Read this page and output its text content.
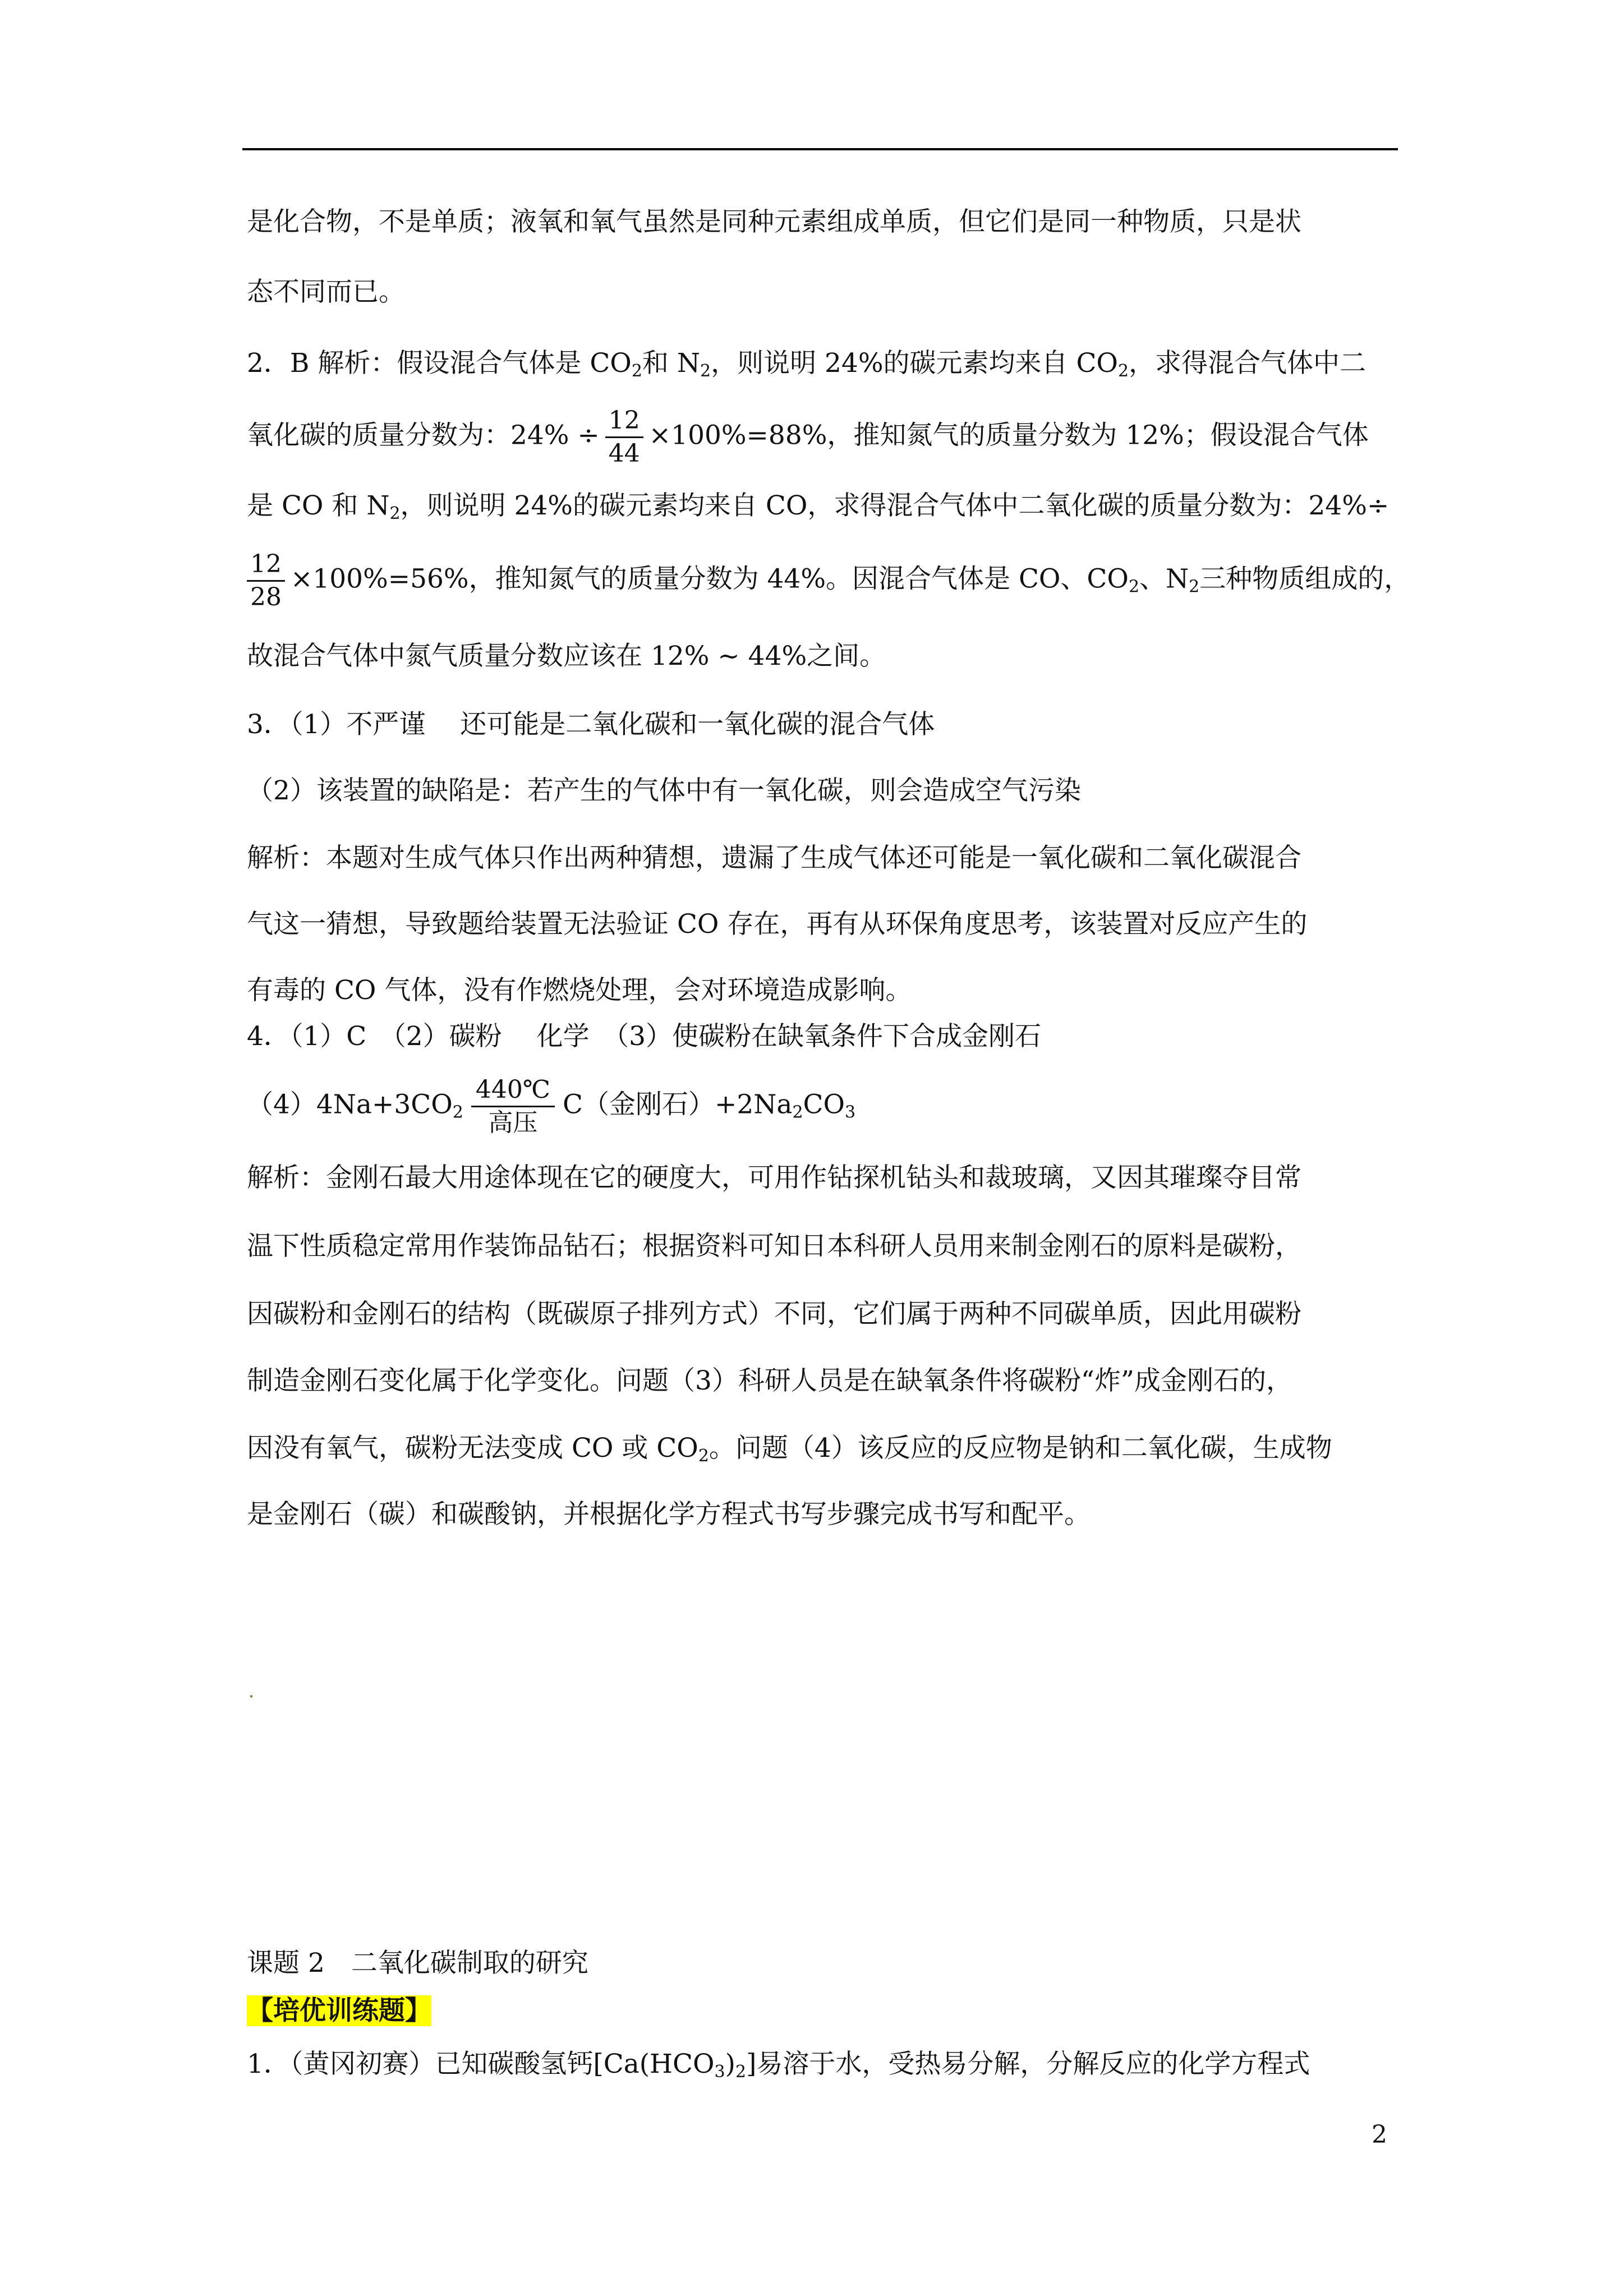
是化合物，不是单质；液氧和氧气虽然是同种元素组成单质，但它们是同一种物质，只是状
态不同而已。
2．B 解析：假设混合气体是 $CO_2$和 $N_2$，则说明 24%的碳元素均来自 $CO_2$，求得混合气体中二
氧化碳的质量分数为：$24\% \div \frac{12}{44} \times 100\%=88\%$，推知氮气的质量分数为 12%；假设混合气体
是 CO 和 $N_2$，则说明 24%的碳元素均来自 CO，求得混合气体中二氧化碳的质量分数为：24%÷
$\frac{12}{28} \times 100\%=56\%$，推知氮气的质量分数为 44%。因混合气体是 CO、$CO_2$、$N_2$三种物质组成的，
故混合气体中氮气质量分数应该在 12% ~ 44%之间。
3．（1）不严谨　 还可能是二氧化碳和一氧化碳的混合气体
（2）该装置的缺陷是：若产生的气体中有一氧化碳，则会造成空气污染
解析：本题对生成气体只作出两种猜想，遗漏了生成气体还可能是一氧化碳和二氧化碳混合
气这一猜想，导致题给装置无法验证 CO 存在，再有从环保角度思考，该装置对反应产生的
有毒的 CO 气体，没有作燃烧处理，会对环境造成影响。
4．（1）C　（2）碳粉　 化学　（3）使碳粉在缺氧条件下合成金刚石
$(4)4Na+3CO_2$
440℃
高压
C（金刚石）$+2Na_2CO_3$
解析：金刚石最大用途体现在它的硬度大，可用作钻探机钻头和裁玻璃，又因其璀璨夺目常
温下性质稳定常用作装饰品钻石；根据资料可知日本科研人员用来制金刚石的原料是碳粉，
因碳粉和金刚石的结构（既碳原子排列方式）不同，它们属于两种不同碳单质，因此用碳粉
制造金刚石变化属于化学变化。问题（3）科研人员是在缺氧条件将碳粉“炸”成金刚石的，
因没有氧气，碳粉无法变成 CO 或 $CO_2$。问题（4）该反应的反应物是钠和二氧化碳，生成物
是金刚石（碳）和碳酸钠，并根据化学方程式书写步骤完成书写和配平。
课题 2　二氧化碳制取的研究
【培优训练题】
1．（黄冈初赛）已知碳酸氢钙$[Ca(HCO_3)_2]$易溶于水，受热易分解，分解反应的化学方程式
2
